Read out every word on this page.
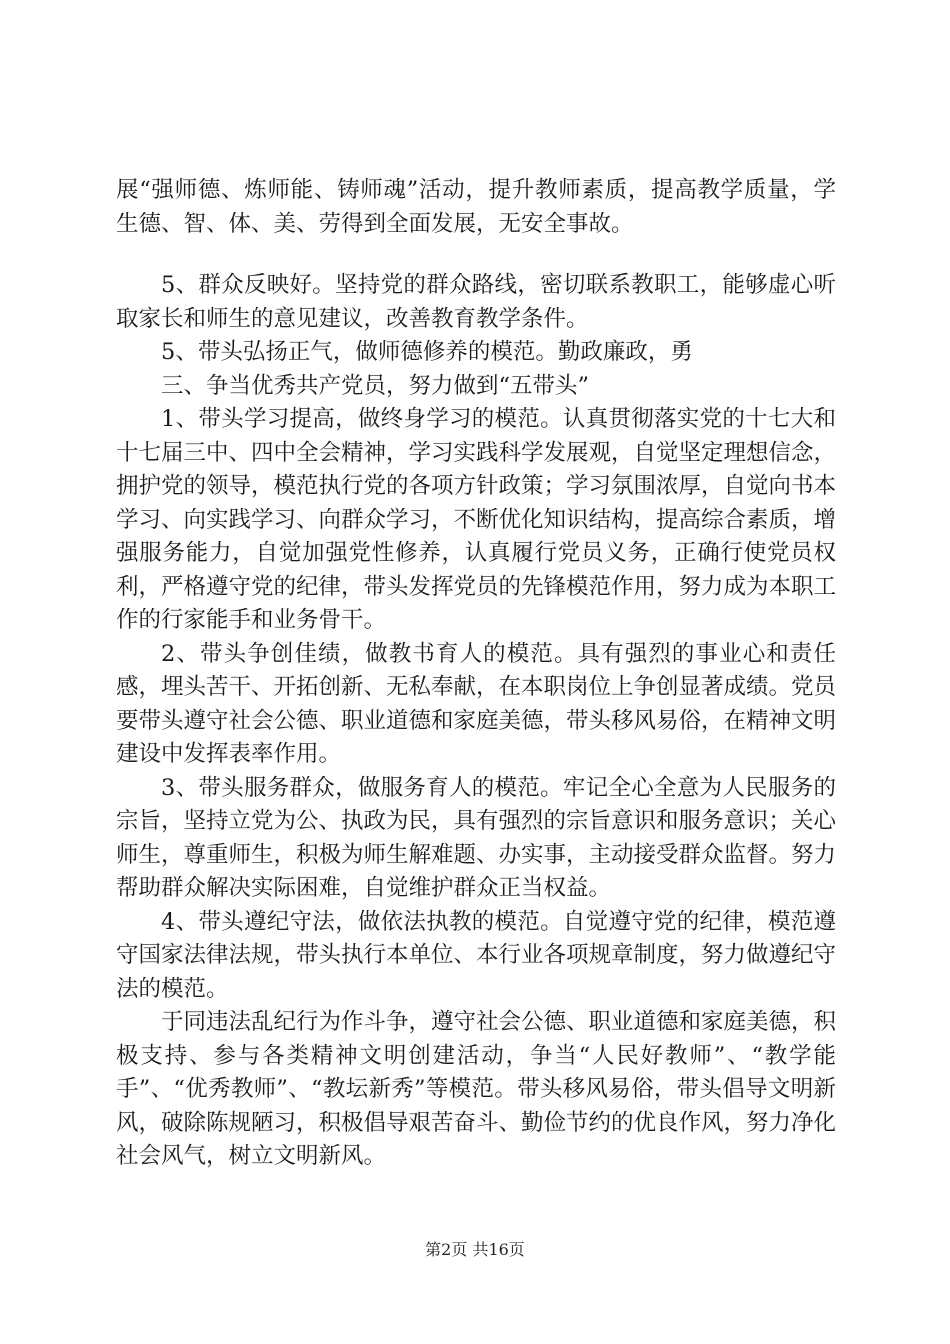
展“强师德、炼师能、铸师魂”活动，提升教师素质，提高教学质量，学生德、智、体、美、劳得到全面发展，无安全事故。

5、群众反映好。坚持党的群众路线，密切联系教职工，能够虚心听取家长和师生的意见建议，改善教育教学条件。

5、带头弘扬正气，做师德修养的模范。勤政廉政，勇

三、争当优秀共产党员，努力做到“五带头”

1、带头学习提高，做终身学习的模范。认真贯彻落实党的十七大和十七届三中、四中全会精神，学习实践科学发展观，自觉坚定理想信念，拥护党的领导，模范执行党的各项方针政策；学习氛围浓厚，自觉向书本学习、向实践学习、向群众学习，不断优化知识结构，提高综合素质，增强服务能力，自觉加强党性修养，认真履行党员义务，正确行使党员权利，严格遵守党的纪律，带头发挥党员的先锋模范作用，努力成为本职工作的行家能手和业务骨干。

2、带头争创佳绩，做教书育人的模范。具有强烈的事业心和责任感，埋头苦干、开拓创新、无私奉献，在本职岗位上争创显著成绩。党员要带头遵守社会公德、职业道德和家庭美德，带头移风易俗，在精神文明建设中发挥表率作用。

3、带头服务群众，做服务育人的模范。牢记全心全意为人民服务的宗旨，坚持立党为公、执政为民，具有强烈的宗旨意识和服务意识；关心师生，尊重师生，积极为师生解难题、办实事，主动接受群众监督。努力帮助群众解决实际困难，自觉维护群众正当权益。

4、带头遵纪守法，做依法执教的模范。自觉遵守党的纪律，模范遵守国家法律法规，带头执行本单位、本行业各项规章制度，努力做遵纪守法的模范。

于同违法乱纪行为作斗争，遵守社会公德、职业道德和家庭美德，积极支持、参与各类精神文明创建活动，争当“人民好教师”、“教学能手”、“优秀教师”、“教坛新秀”等模范。带头移风易俗，带头倡导文明新风，破除陈规陋习，积极倡导艰苦奋斗、勤俭节约的优良作风，努力净化社会风气，树立文明新风。

第2页 共16页
